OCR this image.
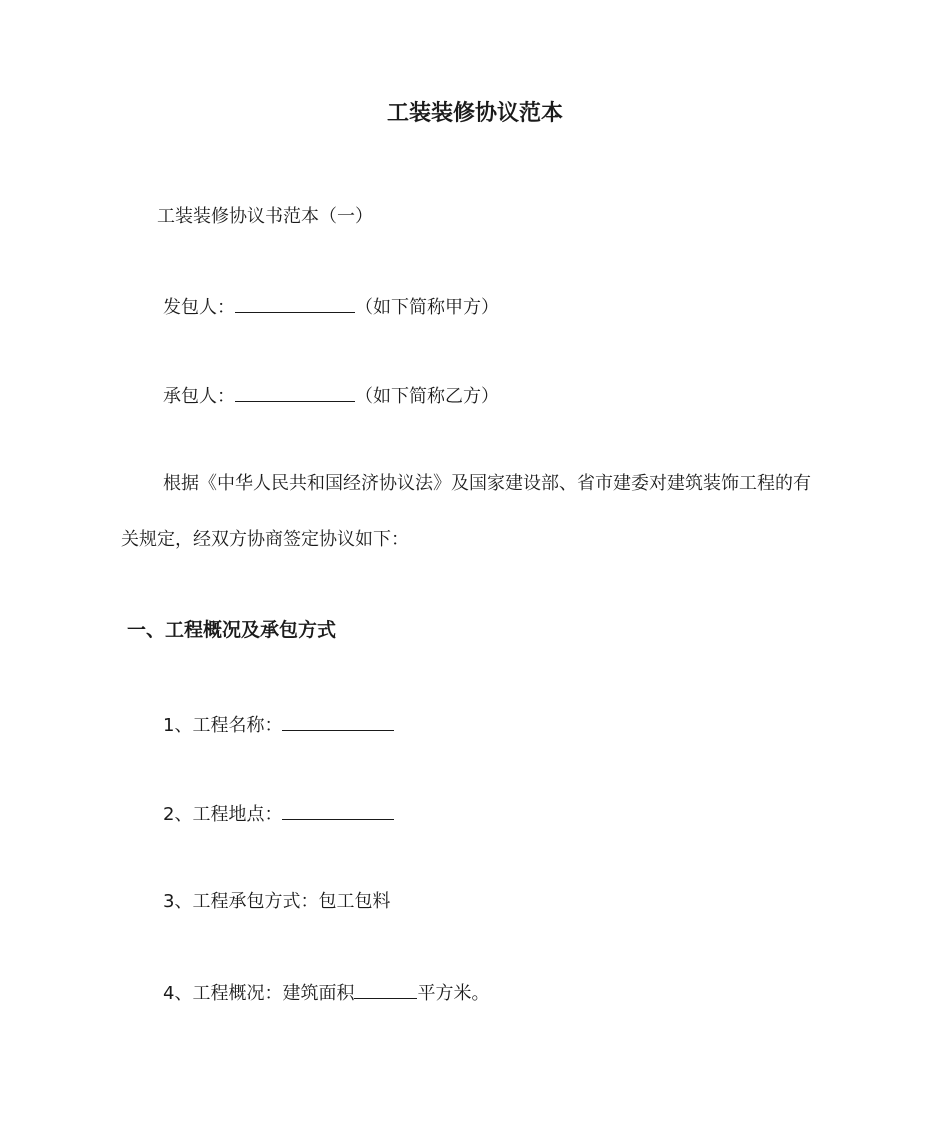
工装装修协议范本
工装装修协议书范本（一）
发包人：	（如下简称甲方）
承包人：	（如下简称乙方）
根据《中华人民共和国经济协议法》及国家建设部、省市建委对建筑装饰工程的有
关规定，经双方协商签定协议如下：
一、工程概况及承包方式
1、工程名称：
2、工程地点：
3、工程承包方式：包工包料
4、工程概况：建筑面积	平方米。
